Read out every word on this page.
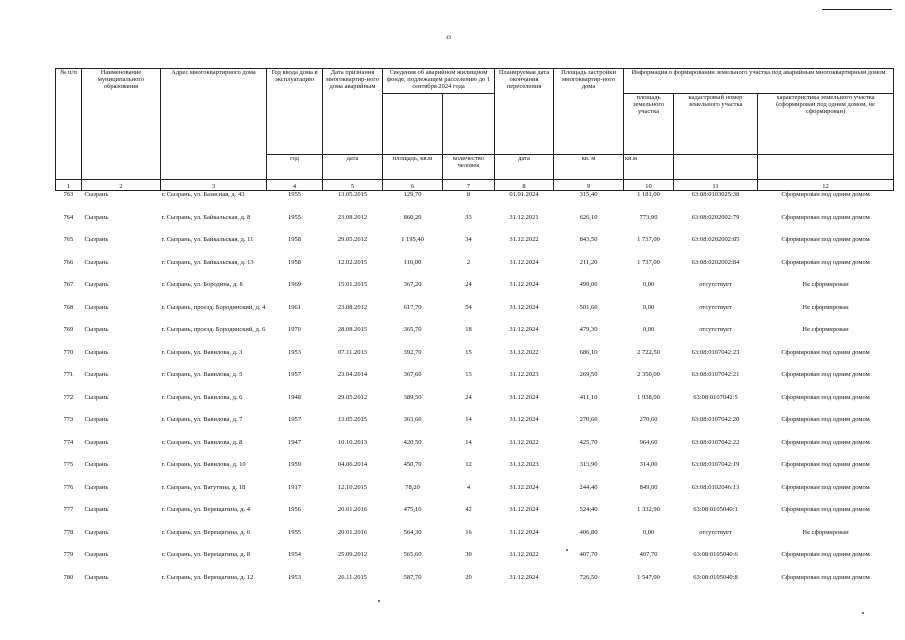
49
№ п/п	Наименование муниципального образования	Адрес многоквартирного дома	Год ввода дома в эксплуатацию	Дата признания многоквартир-ного дома аварийным	Сведения об аварийном жилищном фонде, подлежащем расселению до 1 сентября 2024 года		Планируемая дата окончания переселения	Площадь застройки многоквартир-ного дома	Информация о формировании земельного участка под аварийным многоквартирным домом		
									площадь земельного участка	кадастровый номер земельного участка	характеристика земельного участка (сформирован под одним домом, не сформирован)
			год	дата	площадь, кв.м	количество человек	дата	кв. м	кв.м		
1	2	3	4	5	6	7	8	9	10	11	12
763	Сызрань	г. Сызрань, ул. Базисная, д. 43	1955	13.05.2015	129,70	8	01.01.2024	315,40	1 181,00	63:08:0103025:38	Сформирован под одним домом
764	Сызрань	г. Сызрань, ул. Байкальская, д. 8	1955	23.08.2012	860,20	33	31.12.2021	626,10	773,00	63:08:0202002:79	Сформирован под одним домом
765	Сызрань	г. Сызрань, ул. Байкальская, д. 11	1958	29.05.2012	1 195,40	34	31.12.2022	843,50	1 737,00	63:08:0202002:85	Сформирован под одним домом
766	Сызрань	г. Сызрань, ул. Байкальская, д. 13	1958	12.02.2015	110,00	2	31.12.2024	211,20	1 737,00	63:08:0202002:84	Сформирован под одним домом
767	Сызрань	г. Сызрань, ул. Бородина, д. 8	1969	15.01.2015	367,20	24	31.12.2024	499,00	0,00	отсутствует	Не сформирован
768	Сызрань	г. Сызрань, проезд. Бородинский, д. 4	1961	23.08.2012	617,70	54	31.12.2024	501,60	0,00	отсутствует	Не сформирован
769	Сызрань	г. Сызрань, проезд. Бородинский, д. 6	1970	28.08.2015	365,70	18	31.12.2024	479,30	0,00	отсутствует	Не сформирован
770	Сызрань	г. Сызрань, ул. Вавилова, д. 3	1953	07.11.2013	392,70	15	31.12.2022	686,10	2 722,50	63:08:0107042:23	Сформирован под одним домом
771	Сызрань	г. Сызрань, ул. Вавилова, д. 5	1957	23.04.2014	367,60	13	31.12.2023	269,50	2 350,00	63:08:0107042:21	Сформирован под одним домом
772	Сызрань	г. Сызрань, ул. Вавилова, д. 6	1948	29.05.2012	389,50	24	31.12.2024	411,10	1 938,00	63:08:0107042:5	Сформирован под одним домом
773	Сызрань	г. Сызрань, ул. Вавилова, д. 7	1957	13.05.2015	363,60	14	31.12.2024	270,60	270,60	63:08:0107042:20	Сформирован под одним домом
774	Сызрань	г. Сызрань, ул. Вавилова, д. 8	1947	10.10.2013	420,50	14	31.12.2022	425,70	964,60	63:08:0107042:22	Сформирован под одним домом
775	Сызрань	г. Сызрань, ул. Вавилова, д. 10	1959	04.06.2014	450,70	12	31.12.2023	313,90	314,00	63:08:0107042:19	Сформирован под одним домом
776	Сызрань	г. Сызрань, ул. Ватутина, д. 18	1917	12.10.2015	78,20	4	31.12.2024	244,40	849,00	63:08:0102046:13	Сформирован под одним домом
777	Сызрань	г. Сызрань, ул. Верещагина, д. 4	1956	20.01.2016	475,10	42	31.12.2024	524,40	1 332,90	63:08:0105040:1	Сформирован под одним домом
778	Сызрань	г. Сызрань, ул. Верещагина, д. 6	1955	20.01.2016	564,30	16	31.12.2024	406,80	0,00	отсутствует	Не сформирован
779	Сызрань	г. Сызрань, ул. Верещагина, д. 8	1954	25.09.2012	565,60	30	31.12.2022	407,70	407,70	63:08:0105040:6	Сформирован под одним домом
780	Сызрань	г. Сызрань, ул. Верещагина, д. 12	1953	26.11.2015	587,70	20	31.12.2024	726,50	1 547,00	63:08:0105040:8	Сформирован под одним домом
